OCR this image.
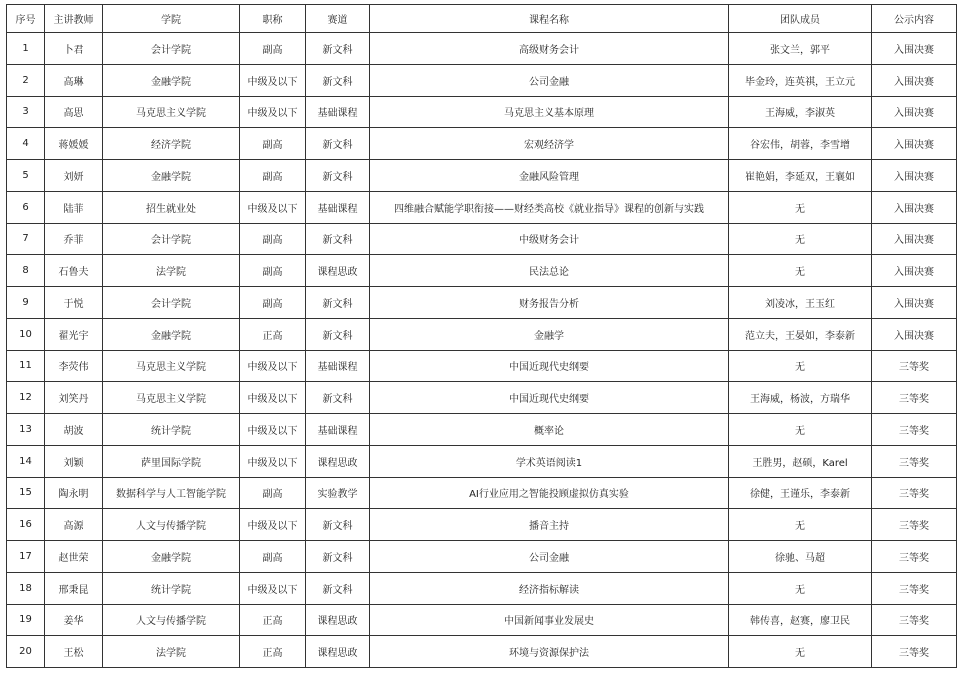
序号	主讲教师	学院	职称	赛道	课程名称	团队成员	公示内容
1	卜君	会计学院	副高	新文科	高级财务会计	张文兰，郭平	入围决赛
2	高琳	金融学院	中级及以下	新文科	公司金融	毕金玲，连英祺，王立元	入围决赛
3	高思	马克思主义学院	中级及以下	基础课程	马克思主义基本原理	王海威，李淑英	入围决赛
4	蒋媛媛	经济学院	副高	新文科	宏观经济学	谷宏伟，胡蓉，李雪增	入围决赛
5	刘妍	金融学院	副高	新文科	金融风险管理	崔艳娟，李延双，王襄如	入围决赛
6	陆菲	招生就业处	中级及以下	基础课程	四维融合赋能学职衔接——财经类高校《就业指导》课程的创新与实践	无	入围决赛
7	乔菲	会计学院	副高	新文科	中级财务会计	无	入围决赛
8	石鲁夫	法学院	副高	课程思政	民法总论	无	入围决赛
9	于悦	会计学院	副高	新文科	财务报告分析	刘凌冰，王玉红	入围决赛
10	翟光宇	金融学院	正高	新文科	金融学	范立夫，王晏如，李泰新	入围决赛
11	李荧伟	马克思主义学院	中级及以下	基础课程	中国近现代史纲要	无	三等奖
12	刘笑丹	马克思主义学院	中级及以下	新文科	中国近现代史纲要	王海威，杨波，方瑞华	三等奖
13	胡波	统计学院	中级及以下	基础课程	概率论	无	三等奖
14	刘颖	萨里国际学院	中级及以下	课程思政	学术英语阅读1	王胜男，赵硕，Karel	三等奖
15	陶永明	数据科学与人工智能学院	副高	实验教学	AI行业应用之智能投顾虚拟仿真实验	徐健，王谨乐，李泰新	三等奖
16	高源	人文与传播学院	中级及以下	新文科	播音主持	无	三等奖
17	赵世荣	金融学院	副高	新文科	公司金融	徐驰、马超	三等奖
18	邢秉昆	统计学院	中级及以下	新文科	经济指标解读	无	三等奖
19	姜华	人文与传播学院	正高	课程思政	中国新闻事业发展史	韩传喜，赵赛，廖卫民	三等奖
20	王松	法学院	正高	课程思政	环境与资源保护法	无	三等奖
